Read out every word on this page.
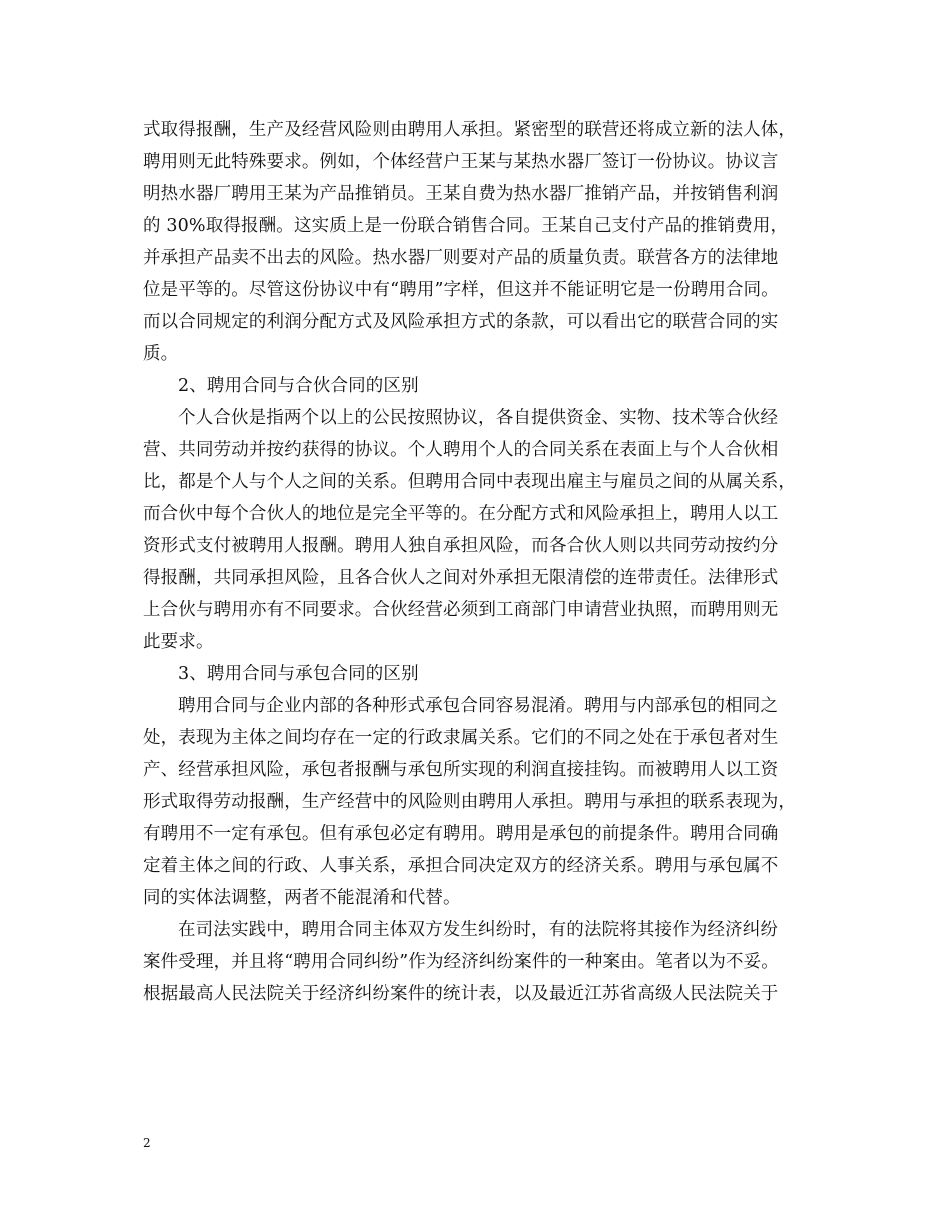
式取得报酬，生产及经营风险则由聘用人承担。紧密型的联营还将成立新的法人体，
聘用则无此特殊要求。例如，个体经营户王某与某热水器厂签订一份协议。协议言
明热水器厂聘用王某为产品推销员。王某自费为热水器厂推销产品，并按销售利润
的 30%取得报酬。这实质上是一份联合销售合同。王某自己支付产品的推销费用，
并承担产品卖不出去的风险。热水器厂则要对产品的质量负责。联营各方的法律地
位是平等的。尽管这份协议中有“聘用”字样，但这并不能证明它是一份聘用合同。
而以合同规定的利润分配方式及风险承担方式的条款，可以看出它的联营合同的实
质。
2、聘用合同与合伙合同的区别
个人合伙是指两个以上的公民按照协议，各自提供资金、实物、技术等合伙经
营、共同劳动并按约获得的协议。个人聘用个人的合同关系在表面上与个人合伙相
比，都是个人与个人之间的关系。但聘用合同中表现出雇主与雇员之间的从属关系，
而合伙中每个合伙人的地位是完全平等的。在分配方式和风险承担上，聘用人以工
资形式支付被聘用人报酬。聘用人独自承担风险，而各合伙人则以共同劳动按约分
得报酬，共同承担风险，且各合伙人之间对外承担无限清偿的连带责任。法律形式
上合伙与聘用亦有不同要求。合伙经营必须到工商部门申请营业执照，而聘用则无
此要求。
3、聘用合同与承包合同的区别
聘用合同与企业内部的各种形式承包合同容易混淆。聘用与内部承包的相同之
处，表现为主体之间均存在一定的行政隶属关系。它们的不同之处在于承包者对生
产、经营承担风险，承包者报酬与承包所实现的利润直接挂钩。而被聘用人以工资
形式取得劳动报酬，生产经营中的风险则由聘用人承担。聘用与承担的联系表现为，
有聘用不一定有承包。但有承包必定有聘用。聘用是承包的前提条件。聘用合同确
定着主体之间的行政、人事关系，承担合同决定双方的经济关系。聘用与承包属不
同的实体法调整，两者不能混淆和代替。
在司法实践中，聘用合同主体双方发生纠纷时，有的法院将其接作为经济纠纷
案件受理，并且将“聘用合同纠纷”作为经济纠纷案件的一种案由。笔者以为不妥。
根据最高人民法院关于经济纠纷案件的统计表，以及最近江苏省高级人民法院关于
2
